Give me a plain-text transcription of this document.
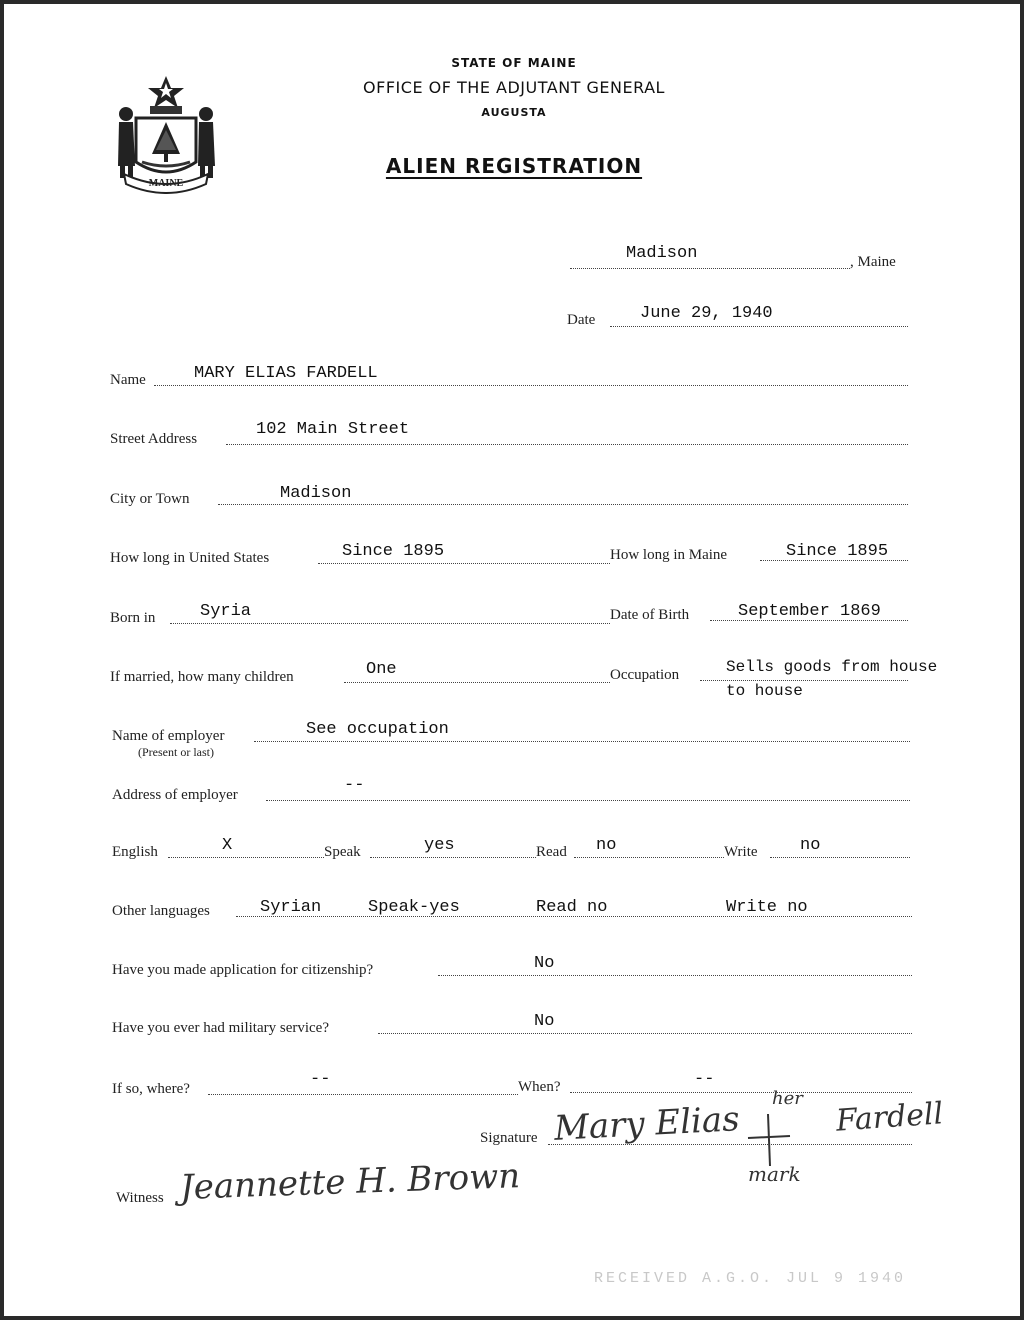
MAINE
STATE OF MAINE
OFFICE OF THE ADJUTANT GENERAL
AUGUSTA
ALIEN REGISTRATION
Madison	, Maine
Date	June 29, 1940
Name	MARY ELIAS FARDELL
Street Address	102 Main Street
City or Town	Madison
How long in United States	Since 1895	How long in Maine	Since 1895
Born in	Syria	Date of Birth	September 1869
If married, how many children	One	Occupation	Sells goods from house
to house
Name of employer
(Present or last)
See occupation
Address of employer	--
English	X	Speak	yes	Read no	Write no
Other languages	Syrian	Speak-yes	Read no	Write no
Have you made application for citizenship?	No
Have you ever had military service?	No
If so, where?	--	When?	--
Signature Mary Elias
her Fardell
mark
Witness Jeannette H. Brown
RECEIVED A.G.O. JUL 9 1940
